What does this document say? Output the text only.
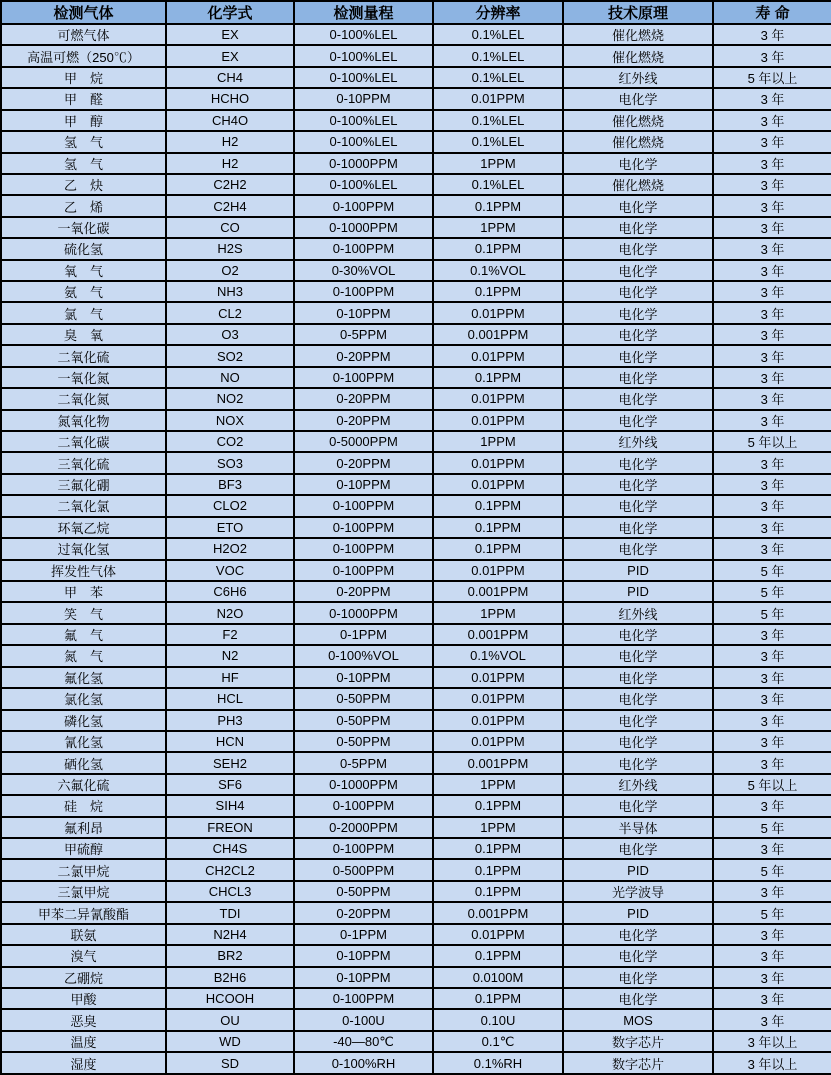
检测气体	化学式	检测量程	分辨率	技术原理	寿 命
可燃气体	EX	0-100%LEL	0.1%LEL	催化燃烧	3 年
高温可燃（250℃）	EX	0-100%LEL	0.1%LEL	催化燃烧	3 年
甲　烷	CH4	0-100%LEL	0.1%LEL	红外线	5 年以上
甲　醛	HCHO	0-10PPM	0.01PPM	电化学	3 年
甲　醇	CH4O	0-100%LEL	0.1%LEL	催化燃烧	3 年
氢　气	H2	0-100%LEL	0.1%LEL	催化燃烧	3 年
氢　气	H2	0-1000PPM	1PPM	电化学	3 年
乙　炔	C2H2	0-100%LEL	0.1%LEL	催化燃烧	3 年
乙　烯	C2H4	0-100PPM	0.1PPM	电化学	3 年
一氧化碳	CO	0-1000PPM	1PPM	电化学	3 年
硫化氢	H2S	0-100PPM	0.1PPM	电化学	3 年
氧　气	O2	0-30%VOL	0.1%VOL	电化学	3 年
氨　气	NH3	0-100PPM	0.1PPM	电化学	3 年
氯　气	CL2	0-10PPM	0.01PPM	电化学	3 年
臭　氧	O3	0-5PPM	0.001PPM	电化学	3 年
二氧化硫	SO2	0-20PPM	0.01PPM	电化学	3 年
一氧化氮	NO	0-100PPM	0.1PPM	电化学	3 年
二氧化氮	NO2	0-20PPM	0.01PPM	电化学	3 年
氮氧化物	NOX	0-20PPM	0.01PPM	电化学	3 年
二氧化碳	CO2	0-5000PPM	1PPM	红外线	5 年以上
三氧化硫	SO3	0-20PPM	0.01PPM	电化学	3 年
三氟化硼	BF3	0-10PPM	0.01PPM	电化学	3 年
二氧化氯	CLO2	0-100PPM	0.1PPM	电化学	3 年
环氧乙烷	ETO	0-100PPM	0.1PPM	电化学	3 年
过氧化氢	H2O2	0-100PPM	0.1PPM	电化学	3 年
挥发性气体	VOC	0-100PPM	0.01PPM	PID	5 年
甲　苯	C6H6	0-20PPM	0.001PPM	PID	5 年
笑　气	N2O	0-1000PPM	1PPM	红外线	5 年
氟　气	F2	0-1PPM	0.001PPM	电化学	3 年
氮　气	N2	0-100%VOL	0.1%VOL	电化学	3 年
氟化氢	HF	0-10PPM	0.01PPM	电化学	3 年
氯化氢	HCL	0-50PPM	0.01PPM	电化学	3 年
磷化氢	PH3	0-50PPM	0.01PPM	电化学	3 年
氰化氢	HCN	0-50PPM	0.01PPM	电化学	3 年
硒化氢	SEH2	0-5PPM	0.001PPM	电化学	3 年
六氟化硫	SF6	0-1000PPM	1PPM	红外线	5 年以上
硅　烷	SIH4	0-100PPM	0.1PPM	电化学	3 年
氟利昂	FREON	0-2000PPM	1PPM	半导体	5 年
甲硫醇	CH4S	0-100PPM	0.1PPM	电化学	3 年
二氯甲烷	CH2CL2	0-500PPM	0.1PPM	PID	5 年
三氯甲烷	CHCL3	0-50PPM	0.1PPM	光学波导	3 年
甲苯二异氰酸酯	TDI	0-20PPM	0.001PPM	PID	5 年
联氨	N2H4	0-1PPM	0.01PPM	电化学	3 年
溴气	BR2	0-10PPM	0.1PPM	电化学	3 年
乙硼烷	B2H6	0-10PPM	0.0100M	电化学	3 年
甲酸	HCOOH	0-100PPM	0.1PPM	电化学	3 年
恶臭	OU	0-100U	0.10U	MOS	3 年
温度	WD	-40—80℃	0.1℃	数字芯片	3 年以上
湿度	SD	0-100%RH	0.1%RH	数字芯片	3 年以上
